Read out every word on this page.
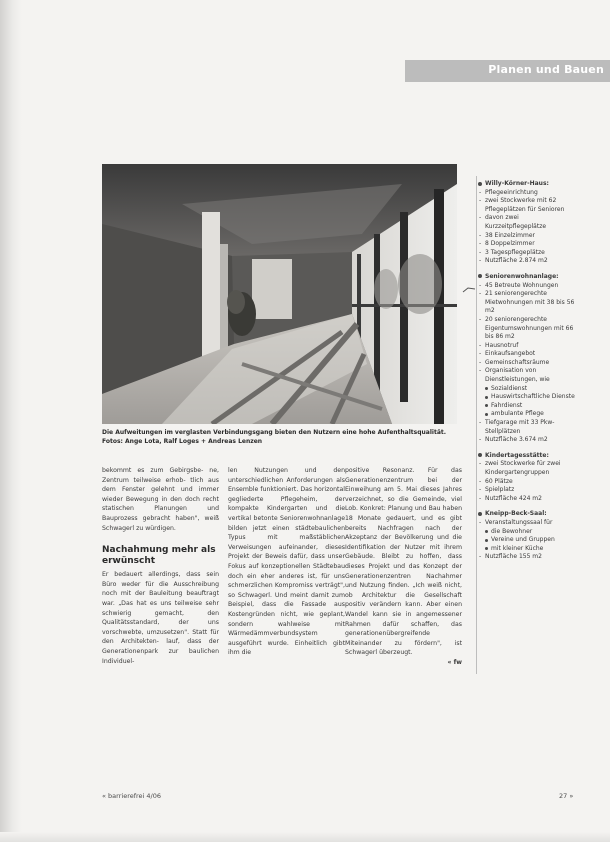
Planen und Bauen

Die Aufweitungen im verglasten Verbindungsgang bieten den Nutzern eine hohe Aufenthaltsqualität.

Fotos: Ange Lota, Ralf Loges + Andreas Lenzen

bekommt es zum Gebirgsbe- ne, Zentrum teilweise erhob- tlich aus dem Fenster gelehnt und immer wieder Bewegung in den doch recht statischen Planungen und Bauprozess gebracht haben", weiß Schwagerl zu würdigen.

Nachahmung mehr als erwünscht

Er bedauert allerdings, dass sein Büro weder für die Ausschreibung noch mit der Bauleitung beauftragt war. „Das hat es uns teilweise sehr schwierig gemacht, den Qualitätsstandard, der uns vorschwebte, umzusetzen". Statt für den Architekten- lauf, dass der Generationenpark zur baulichen Individuel-

len Nutzungen und den unterschiedlichen Anforderungen als Ensemble funktioniert. Das horizontal gegliederte Pflegeheim, der kompakte Kindergarten und die vertikal betonte Seniorenwohnanlage bilden jetzt einen städtebaulichen Typus mit maßstäblichen Verweisungen aufeinander, dieses Projekt der Beweis dafür, dass unser Fokus auf konzeptionellen Städtebau doch ein eher anderes ist, für uns schmerzlichen Kompromiss verträgt", so Schwagerl. Und meint damit zum Beispiel, dass die Fassade aus Kostengründen nicht, wie geplant, sondern wahlweise mit Wärmedämmverbundsystem ausgeführt wurde. Einheitlich gibt ihm die

positive Resonanz. Für das Generationenzentrum bei der Einweihung am 5. Mai dieses Jahres verzeichnet, so die Gemeinde, viel Lob. Konkret: Planung und Bau haben 18 Monate gedauert, und es gibt bereits Nachfragen nach der Akzeptanz der Bevölkerung und die Identifikation der Nutzer mit ihrem Gebäude. Bleibt zu hoffen, dass dieses Projekt und das Konzept der Generationenzentren Nachahmer und Nutzung finden. „Ich weiß nicht, ob Architektur die Gesellschaft positiv verändern kann. Aber einen Wandel kann sie in angemessener Rahmen dafür schaffen, das generationenübergreifende Miteinander zu fördern", ist Schwagerl überzeugt.

« fw

Willy-Körner-Haus:
- Pflegeeinrichtung
- zwei Stockwerke mit 62 Pflegeplätzen für Senioren
- davon zwei Kurzzeitpflegeplätze
- 38 Einzelzimmer
- 8 Doppelzimmer
- 3 Tagespflegeplätze
- Nutzfläche 2.874 m2
Seniorenwohnanlage:
- 45 Betreute Wohnungen
- 21 seniorengerechte Mietwohnungen mit 38 bis 56 m2
- 20 seniorengerechte Eigentumswohnungen mit 66 bis 86 m2
- Hausnotruf
- Einkaufsangebot
- Gemeinschaftsräume
- Organisation von Dienstleistungen, wie
Sozialdienst
Hauswirtschaftliche Dienste
Fahrdienst
ambulante Pflege
- Tiefgarage mit 33 Pkw-Stellplätzen
- Nutzfläche 3.674 m2
Kindertagesstätte:
- zwei Stockwerke für zwei Kindergartengruppen
- 60 Plätze
- Spielplatz
- Nutzfläche 424 m2
Kneipp-Beck-Saal:
- Veranstaltungssaal für
die Bewohner
Vereine und Gruppen
mit kleiner Küche
- Nutzfläche 155 m2
« barrierefrei 4/06	27 »
